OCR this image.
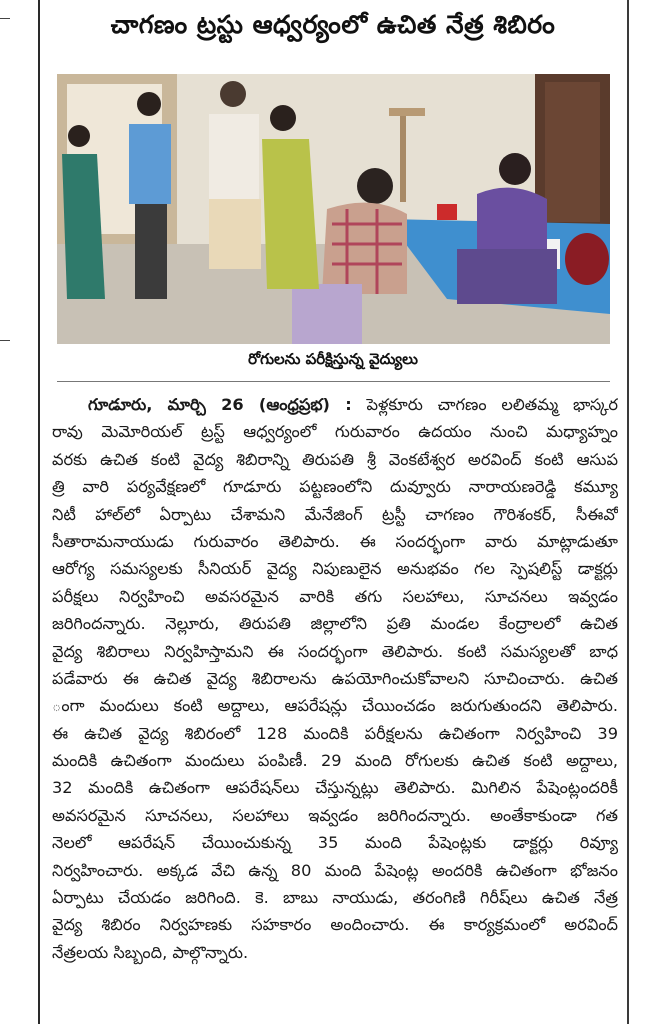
చాగణం ట్రస్టు ఆధ్వర్యంలో ఉచిత నేత్ర శిబిరం
రోగులను పరీక్షిస్తున్న వైద్యులు
గూడూరు, మార్చి 26 (ఆంధ్రప్రభ) : పెళ్లకూరు చాగణం లలితమ్మ భాస్కర
రావు మెమోరియల్ ట్రస్ట్ ఆధ్వర్యంలో గురువారం ఉదయం నుంచి మధ్యాహ్నం
వరకు ఉచిత కంటి వైద్య శిబిరాన్ని తిరుపతి శ్రీ వెంకటేశ్వర అరవింద్ కంటి ఆసుప
త్రి వారి పర్యవేక్షణలో గూడూరు పట్టణంలోని దువ్వూరు నారాయణరెడ్డి కమ్యూ
నిటీ హాల్‌లో ఏర్పాటు చేశామని మేనేజింగ్ ట్రస్టీ చాగణం గౌరిశంకర్, సీఈవో
సీతారామనాయుడు గురువారం తెలిపారు. ఈ సందర్భంగా వారు మాట్లాడుతూ
ఆరోగ్య సమస్యలకు సీనియర్ వైద్య నిపుణులైన అనుభవం గల స్పెషలిస్ట్ డాక్టర్లు
పరీక్షలు నిర్వహించి అవసరమైన వారికి తగు సలహాలు, సూచనలు ఇవ్వడం
జరిగిందన్నారు. నెల్లూరు, తిరుపతి జిల్లాలోని ప్రతి మండల కేంద్రాలలో ఉచిత
వైద్య శిబిరాలు నిర్వహిస్తామని ఈ సందర్భంగా తెలిపారు. కంటి సమస్యలతో బాధ
పడేవారు ఈ ఉచిత వైద్య శిబిరాలను ఉపయోగించుకోవాలని సూచించారు. ఉచిత
ంగా మందులు కంటి అద్దాలు, ఆపరేషన్లు చేయించడం జరుగుతుందని తెలిపారు.
ఈ ఉచిత వైద్య శిబిరంలో 128 మందికి పరీక్షలను ఉచితంగా నిర్వహించి 39
మందికి ఉచితంగా మందులు పంపిణీ. 29 మంది రోగులకు ఉచిత కంటి అద్దాలు,
32 మందికి ఉచితంగా ఆపరేషన్‌లు చేస్తున్నట్లు తెలిపారు. మిగిలిన పేషెంట్లందరికీ
అవసరమైన సూచనలు, సలహాలు ఇవ్వడం జరిగిందన్నారు. అంతేకాకుండా గత
నెలలో ఆపరేషన్ చేయించుకున్న 35 మంది పేషెంట్లకు డాక్టర్లు రివ్యూ
నిర్వహించారు. అక్కడ వేచి ఉన్న 80 మంది పేషెంట్ల అందరికి ఉచితంగా భోజనం
ఏర్పాటు చేయడం జరిగింది. కె. బాబు నాయుడు, తరంగిణి గిరీష్‌లు ఉచిత నేత్ర
వైద్య శిబిరం నిర్వహణకు సహకారం అందించారు. ఈ కార్యక్రమంలో అరవింద్
నేత్రలయ సిబ్బంది, పాల్గొన్నారు.
